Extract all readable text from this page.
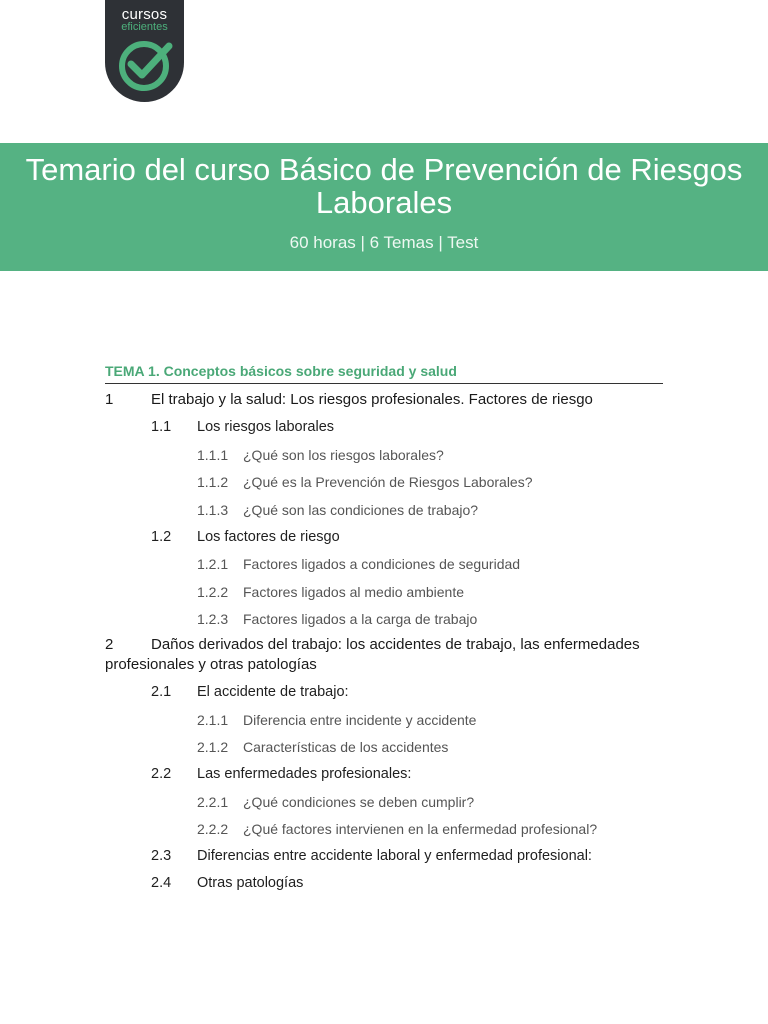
cursos
eficientes
Temario del curso Básico de Prevención de Riesgos Laborales

60 horas | 6 Temas | Test

TEMA 1. Conceptos básicos sobre seguridad y salud
1	El trabajo y la salud: Los riesgos profesionales. Factores de riesgo
1.1 Los riesgos laborales
1.1.1 ¿Qué son los riesgos laborales?
1.1.2 ¿Qué es la Prevención de Riesgos Laborales?
1.1.3 ¿Qué son las condiciones de trabajo?
1.2 Los factores de riesgo
1.2.1 Factores ligados a condiciones de seguridad
1.2.2 Factores ligados al medio ambiente
1.2.3 Factores ligados a la carga de trabajo
2	Daños derivados del trabajo: los accidentes de trabajo, las enfermedades profesionales y otras patologías
2.1 El accidente de trabajo:
2.1.1 Diferencia entre incidente y accidente
2.1.2 Características de los accidentes
2.2 Las enfermedades profesionales:
2.2.1 ¿Qué condiciones se deben cumplir?
2.2.2 ¿Qué factores intervienen en la enfermedad profesional?
2.3 Diferencias entre accidente laboral y enfermedad profesional:
2.4 Otras patologías
